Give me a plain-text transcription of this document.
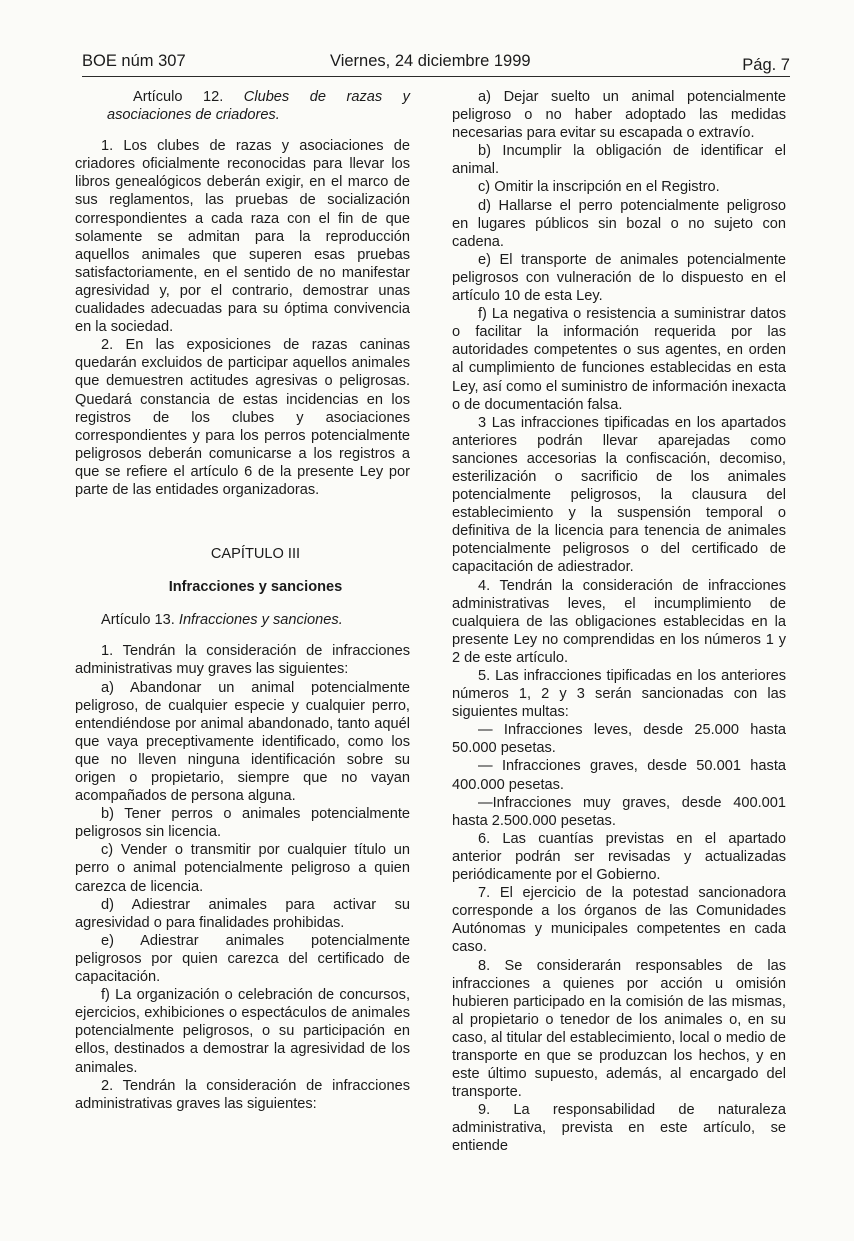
BOE núm 307	Viernes, 24 diciembre 1999	Pág. 7

Artículo 12. Clubes de razas y asociaciones de criadores.

1. Los clubes de razas y asociaciones de criadores oficialmente reconocidas para llevar los libros genealógicos deberán exigir, en el marco de sus reglamentos, las pruebas de socialización correspondientes a cada raza con el fin de que solamente se admitan para la reproducción aquellos animales que superen esas pruebas satisfactoriamente, en el sentido de no manifestar agresividad y, por el contrario, demostrar unas cualidades adecuadas para su óptima convivencia en la sociedad.

2. En las exposiciones de razas caninas quedarán excluidos de participar aquellos animales que demuestren actitudes agresivas o peligrosas. Quedará constancia de estas incidencias en los registros de los clubes y asociaciones correspondientes y para los perros potencialmente peligrosos deberán comunicarse a los registros a que se refiere el artículo 6 de la presente Ley por parte de las entidades organizadoras.

CAPÍTULO III

Infracciones y sanciones

Artículo 13. Infracciones y sanciones.

1. Tendrán la consideración de infracciones administrativas muy graves las siguientes:

a) Abandonar un animal potencialmente peligroso, de cualquier especie y cualquier perro, entendiéndose por animal abandonado, tanto aquél que vaya preceptivamente identificado, como los que no lleven ninguna identificación sobre su origen o propietario, siempre que no vayan acompañados de persona alguna.

b) Tener perros o animales potencialmente peligrosos sin licencia.

c) Vender o transmitir por cualquier título un perro o animal potencialmente peligroso a quien carezca de licencia.

d) Adiestrar animales para activar su agresividad o para finalidades prohibidas.

e) Adiestrar animales potencialmente peligrosos por quien carezca del certificado de capacitación.

f) La organización o celebración de concursos, ejercicios, exhibiciones o espectáculos de animales potencialmente peligrosos, o su participación en ellos, destinados a demostrar la agresividad de los animales.

2. Tendrán la consideración de infracciones administrativas graves las siguientes:

a) Dejar suelto un animal potencialmente peligroso o no haber adoptado las medidas necesarias para evitar su escapada o extravío.

b) Incumplir la obligación de identificar el animal.

c) Omitir la inscripción en el Registro.

d) Hallarse el perro potencialmente peligroso en lugares públicos sin bozal o no sujeto con cadena.

e) El transporte de animales potencialmente peligrosos con vulneración de lo dispuesto en el artículo 10 de esta Ley.

f) La negativa o resistencia a suministrar datos o facilitar la información requerida por las autoridades competentes o sus agentes, en orden al cumplimiento de funciones establecidas en esta Ley, así como el suministro de información inexacta o de documentación falsa.

3 Las infracciones tipificadas en los apartados anteriores podrán llevar aparejadas como sanciones accesorias la confiscación, decomiso, esterilización o sacrificio de los animales potencialmente peligrosos, la clausura del establecimiento y la suspensión temporal o definitiva de la licencia para tenencia de animales potencialmente peligrosos o del certificado de capacitación de adiestrador.

4. Tendrán la consideración de infracciones administrativas leves, el incumplimiento de cualquiera de las obligaciones establecidas en la presente Ley no comprendidas en los números 1 y 2 de este artículo.

5. Las infracciones tipificadas en los anteriores números 1, 2 y 3 serán sancionadas con las siguientes multas:

— Infracciones leves, desde 25.000 hasta 50.000 pesetas.

— Infracciones graves, desde 50.001 hasta 400.000 pesetas.

—Infracciones muy graves, desde 400.001 hasta 2.500.000 pesetas.

6. Las cuantías previstas en el apartado anterior podrán ser revisadas y actualizadas periódicamente por el Gobierno.

7. El ejercicio de la potestad sancionadora corresponde a los órganos de las Comunidades Autónomas y municipales competentes en cada caso.

8. Se considerarán responsables de las infracciones a quienes por acción u omisión hubieren participado en la comisión de las mismas, al propietario o tenedor de los animales o, en su caso, al titular del establecimiento, local o medio de transporte en que se produzcan los hechos, y en este último supuesto, además, al encargado del transporte.

9. La responsabilidad de naturaleza administrativa, prevista en este artículo, se entiende
